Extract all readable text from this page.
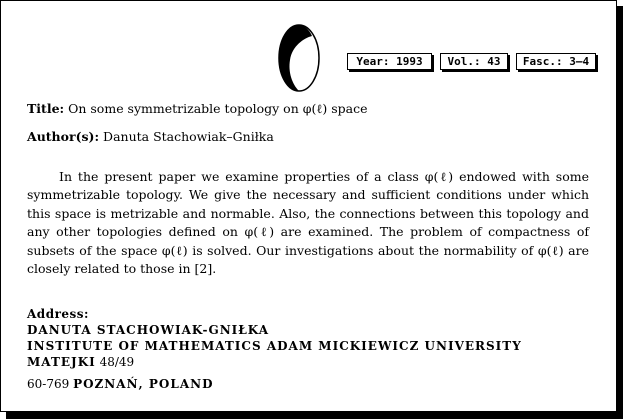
Year: 1993	Vol.: 43	Fasc.: 3–4
Title: On some symmetrizable topology on φ(ℓ) space
Author(s): Danuta Stachowiak–Gniłka

In the present paper we examine properties of a class φ(ℓ) endowed with some symmetrizable topology. We give the necessary and sufficient conditions under which this space is metrizable and normable. Also, the connections between this topology and any other topologies defined on φ(ℓ) are examined. The problem of compactness of subsets of the space φ(ℓ) is solved. Our investigations about the normability of φ(ℓ) are closely related to those in [2].

Address:
DANUTA STACHOWIAK-GNIŁKA
INSTITUTE OF MATHEMATICS ADAM MICKIEWICZ UNIVERSITY
MATEJKI 48/49
60-769 POZNAŃ, POLAND
